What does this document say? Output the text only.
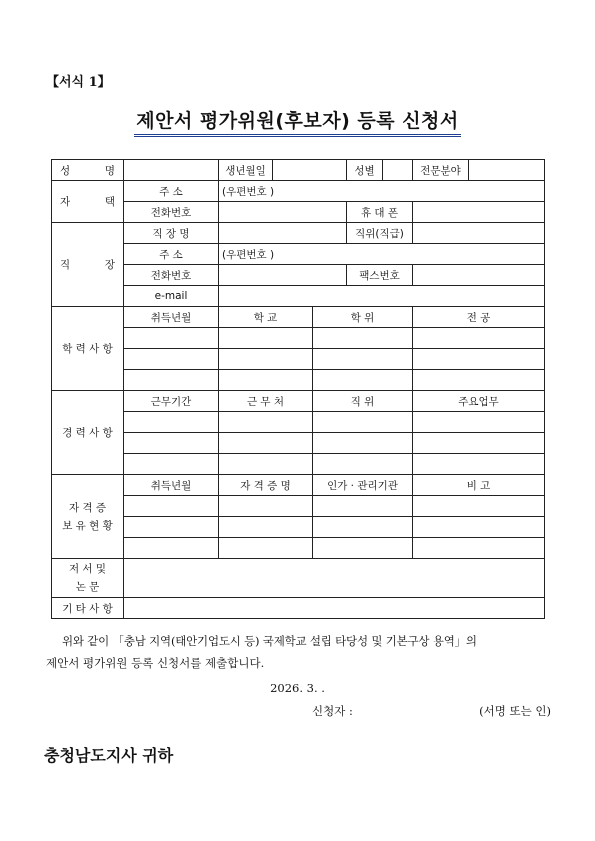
【서식 1】
제안서 평가위원(후보자) 등록 신청서
성 명		생년월일			성별		전문분야	
자 택	주 소	(우편번호 )						
	전화번호				휴 대 폰			
직 장	직 장 명				직위(직급)			
	주 소	(우편번호 )						
	전화번호				팩스번호			
	e-mail							
학 력 사 항	취득년월	학 교		학 위			전 공	

경 력 사 항	근무기간	근 무 처		직 위			주요업무	

자 격 증
보 유 현 황	취득년월	자 격 증 명		인가 · 관리기관			비 고	

저 서 및
논 문								

기 타 사 항								
위와 같이 「충남 지역(태안기업도시 등) 국제학교 설립 타당성 및 기본구상 용역」의
제안서 평가위원 등록 신청서를 제출합니다.
2026. 3. .
신청자 :	(서명 또는 인)
충청남도지사 귀하
